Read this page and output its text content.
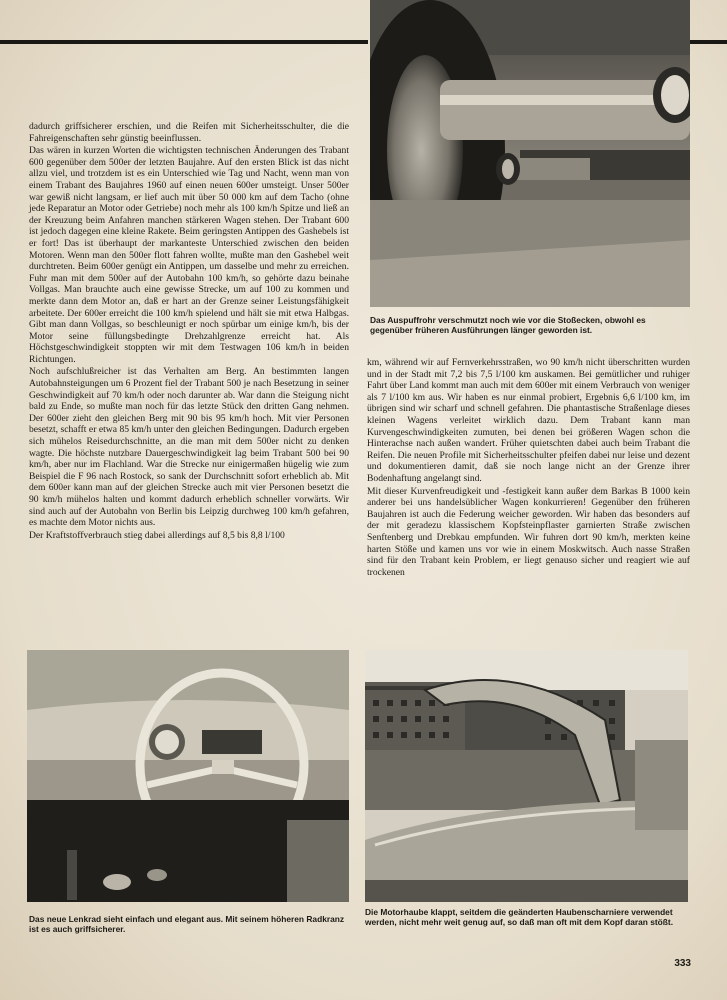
Das Auspuffrohr verschmutzt noch wie vor die Stoßecken, obwohl es gegenüber früheren Ausführungen länger geworden ist.

dadurch griffsicherer erschien, und die Reifen mit Sicherheitsschulter, die die Fahreigenschaften sehr günstig beeinflussen.

Das wären in kurzen Worten die wichtigsten technischen Änderungen des Trabant 600 gegenüber dem 500er der letzten Baujahre. Auf den ersten Blick ist das nicht allzu viel, und trotzdem ist es ein Unterschied wie Tag und Nacht, wenn man von einem Trabant des Baujahres 1960 auf einen neuen 600er umsteigt. Unser 500er war gewiß nicht langsam, er lief auch mit über 50 000 km auf dem Tacho (ohne jede Reparatur an Motor oder Getriebe) noch mehr als 100 km/h Spitze und ließ an der Kreuzung beim Anfahren manchen stärkeren Wagen stehen. Der Trabant 600 ist jedoch dagegen eine kleine Rakete. Beim geringsten Antippen des Gashebels ist er fort! Das ist überhaupt der markanteste Unterschied zwischen den beiden Motoren. Wenn man den 500er flott fahren wollte, mußte man den Gashebel weit durchtreten. Beim 600er genügt ein Antippen, um dasselbe und mehr zu erreichen. Fuhr man mit dem 500er auf der Autobahn 100 km/h, so gehörte dazu beinahe Vollgas. Man brauchte auch eine gewisse Strecke, um auf 100 zu kommen und merkte dann dem Motor an, daß er hart an der Grenze seiner Leistungsfähigkeit arbeitete. Der 600er erreicht die 100 km/h spielend und hält sie mit etwa Halbgas. Gibt man dann Vollgas, so beschleunigt er noch spürbar um einige km/h, bis der Motor seine füllungsbedingte Drehzahlgrenze erreicht hat. Als Höchstgeschwindigkeit stoppten wir mit dem Testwagen 106 km/h in beiden Richtungen.

Noch aufschlußreicher ist das Verhalten am Berg. An bestimmten langen Autobahnsteigungen um 6 Prozent fiel der Trabant 500 je nach Besetzung in seiner Geschwindigkeit auf 70 km/h oder noch darunter ab. War dann die Steigung nicht bald zu Ende, so mußte man noch für das letzte Stück den dritten Gang nehmen. Der 600er zieht den gleichen Berg mit 90 bis 95 km/h hoch. Mit vier Personen besetzt, schafft er etwa 85 km/h unter den gleichen Bedingungen. Dadurch ergeben sich mühelos Reisedurchschnitte, an die man mit dem 500er nicht zu denken wagte. Die höchste nutzbare Dauergeschwindigkeit lag beim Trabant 500 bei 90 km/h, aber nur im Flachland. War die Strecke nur einigermaßen hügelig wie zum Beispiel die F 96 nach Rostock, so sank der Durchschnitt sofort erheblich ab. Mit dem 600er kann man auf der gleichen Strecke auch mit vier Personen besetzt die 90 km/h mühelos halten und kommt dadurch erheblich schneller vorwärts. Wir sind auch auf der Autobahn von Berlin bis Leipzig durchweg 100 km/h gefahren, es machte dem Motor nichts aus.

Der Kraftstoffverbrauch stieg dabei allerdings auf 8,5 bis 8,8 l/100

km, während wir auf Fernverkehrsstraßen, wo 90 km/h nicht überschritten wurden und in der Stadt mit 7,2 bis 7,5 l/100 km auskamen. Bei gemütlicher und ruhiger Fahrt über Land kommt man auch mit dem 600er mit einem Verbrauch von weniger als 7 l/100 km aus. Wir haben es nur einmal probiert, Ergebnis 6,6 l/100 km, im übrigen sind wir scharf und schnell gefahren. Die phantastische Straßenlage dieses kleinen Wagens verleitet wirklich dazu. Dem Trabant kann man Kurvengeschwindigkeiten zumuten, bei denen bei größeren Wagen schon die Hinterachse nach außen wandert. Früher quietschten dabei auch beim Trabant die Reifen. Die neuen Profile mit Sicherheitsschulter pfeifen dabei nur leise und dezent und dokumentieren damit, daß sie noch lange nicht an der Grenze ihrer Bodenhaftung angelangt sind.

Mit dieser Kurvenfreudigkeit und -festigkeit kann außer dem Barkas B 1000 kein anderer bei uns handelsüblicher Wagen konkurrieren! Gegenüber den früheren Baujahren ist auch die Federung weicher geworden. Wir haben das besonders auf der mit geradezu klassischem Kopfsteinpflaster garnierten Straße zwischen Senftenberg und Drebkau empfunden. Wir fuhren dort 90 km/h, merkten keine harten Stöße und kamen uns vor wie in einem Moskwitsch. Auch nasse Straßen sind für den Trabant kein Problem, er liegt genauso sicher und reagiert wie auf trockenen

Das neue Lenkrad sieht einfach und elegant aus. Mit seinem höheren Radkranz ist es auch griffsicherer.
Die Motorhaube klappt, seitdem die geänderten Haubenscharniere verwendet werden, nicht mehr weit genug auf, so daß man oft mit dem Kopf daran stößt.
333
